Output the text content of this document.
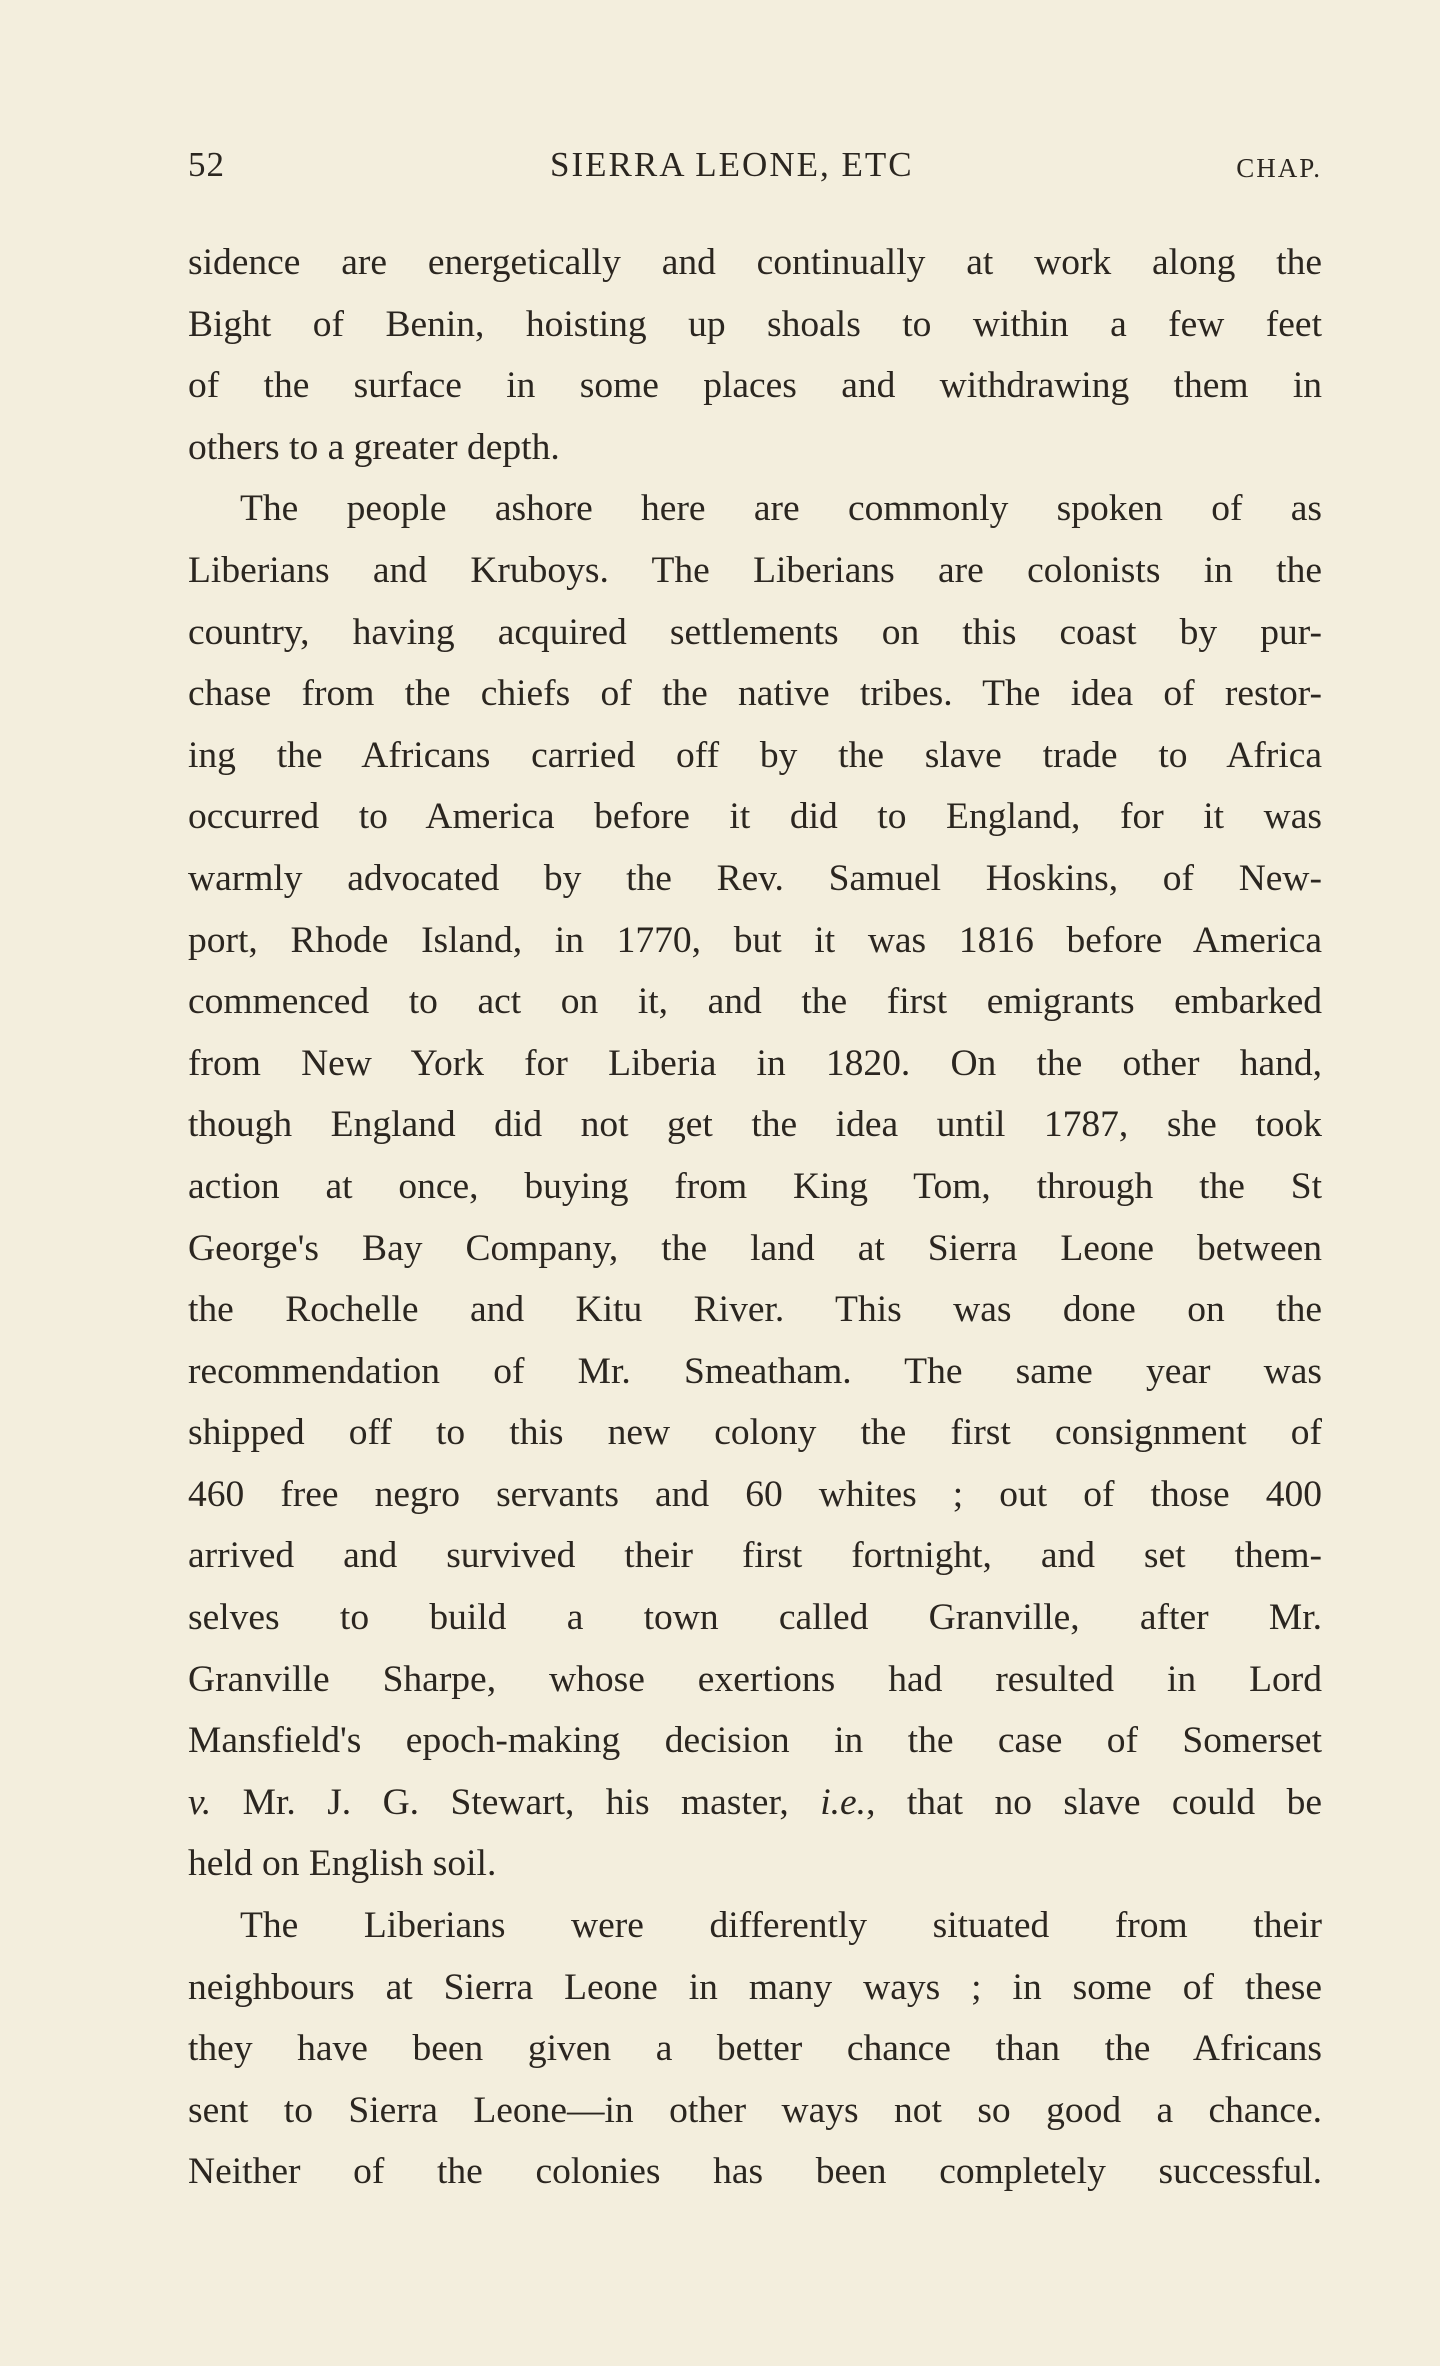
52	SIERRA LEONE, ETC	CHAP.
sidence are energetically and continually at work along the
Bight of Benin, hoisting up shoals to within a few feet
of the surface in some places and withdrawing them in
others to a greater depth.
The people ashore here are commonly spoken of as
Liberians and Kruboys. The Liberians are colonists in the
country, having acquired settlements on this coast by pur-
chase from the chiefs of the native tribes. The idea of restor-
ing the Africans carried off by the slave trade to Africa
occurred to America before it did to England, for it was
warmly advocated by the Rev. Samuel Hoskins, of New-
port, Rhode Island, in 1770, but it was 1816 before America
commenced to act on it, and the first emigrants embarked
from New York for Liberia in 1820. On the other hand,
though England did not get the idea until 1787, she took
action at once, buying from King Tom, through the St
George's Bay Company, the land at Sierra Leone between
the Rochelle and Kitu River. This was done on the
recommendation of Mr. Smeatham. The same year was
shipped off to this new colony the first consignment of
460 free negro servants and 60 whites ; out of those 400
arrived and survived their first fortnight, and set them-
selves to build a town called Granville, after Mr.
Granville Sharpe, whose exertions had resulted in Lord
Mansfield's epoch-making decision in the case of Somerset
v. Mr. J. G. Stewart, his master, i.e., that no slave could be
held on English soil.
The Liberians were differently situated from their
neighbours at Sierra Leone in many ways ; in some of these
they have been given a better chance than the Africans
sent to Sierra Leone—in other ways not so good a chance.
Neither of the colonies has been completely successful.
